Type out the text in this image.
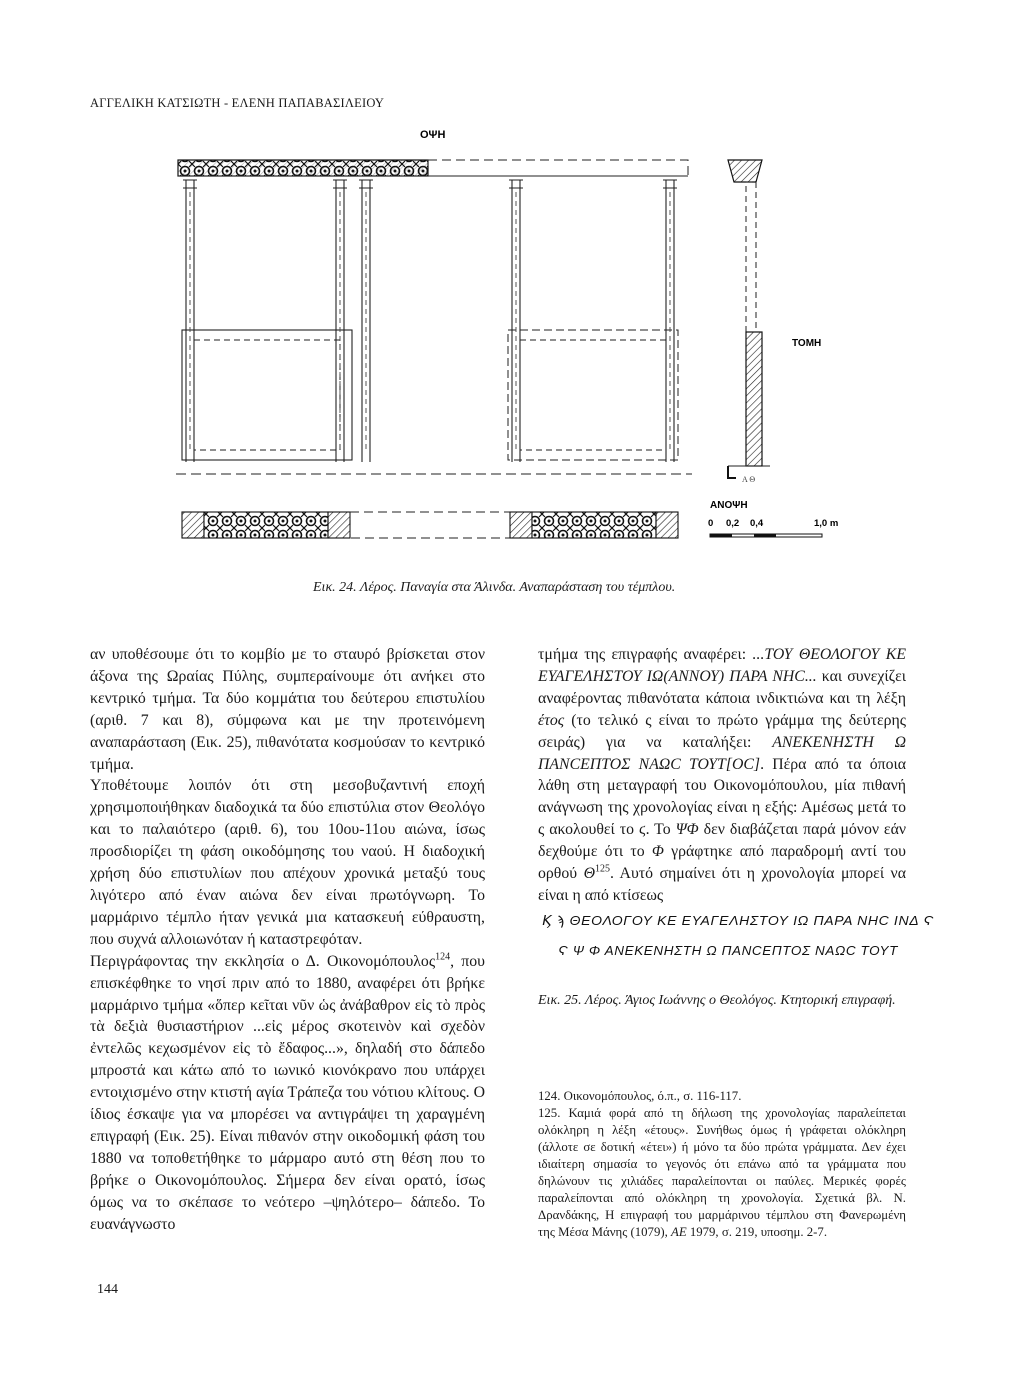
ΑΓΓΕΛΙΚΗ ΚΑΤΣΙΩΤΗ - ΕΛΕΝΗ ΠΑΠΑΒΑΣΙΛΕΙΟΥ
ΟΨΗ
Α Θ
ΤΟΜΗ
ΑΝΟΨΗ
0 0,2 0,4	1,0 m
Εικ. 24. Λέρος. Παναγία στα Άλινδα. Αναπαράσταση του τέμπλου.

αν υποθέσουμε ότι το κομβίο με το σταυρό βρίσκεται στον άξονα της Ωραίας Πύλης, συμπεραίνουμε ότι ανήκει στο κεντρικό τμήμα. Τα δύο κομμάτια του δεύτερου επιστυλίου (αριθ. 7 και 8), σύμφωνα και με την προτεινόμενη αναπαράσταση (Εικ. 25), πιθανότατα κοσμούσαν το κεντρικό τμήμα.

Υποθέτουμε λοιπόν ότι στη μεσοβυζαντινή εποχή χρησιμοποιήθηκαν διαδοχικά τα δύο επιστύλια στον Θεολόγο και το παλαιότερο (αριθ. 6), του 10ου-11ου αιώνα, ίσως προσδιορίζει τη φάση οικοδόμησης του ναού. Η διαδοχική χρήση δύο επιστυλίων που απέχουν χρονικά μεταξύ τους λιγότερο από έναν αιώνα δεν είναι πρωτόγνωρη. Το μαρμάρινο τέμπλο ήταν γενικά μια κατασκευή εύθραυστη, που συχνά αλλοιωνόταν ή καταστρεφόταν.

Περιγράφοντας την εκκλησία ο Δ. Οικονομόπουλος$^{124}$, που επισκέφθηκε το νησί πριν από το 1880, αναφέρει ότι βρήκε μαρμάρινο τμήμα «ὅπερ κεῖται νῦν ὡς ἀνάβαθρον εἰς τὸ πρὸς τὰ δεξιὰ θυσιαστήριον ...εἰς μέρος σκοτεινὸν καὶ σχεδὸν ἐντελῶς κεχωσμένον εἰς τὸ ἔδαφος...», δηλαδή στο δάπεδο μπροστά και κάτω από το ιωνικό κιονόκρανο που υπάρχει εντοιχισμένο στην κτιστή αγία Τράπεζα του νότιου κλίτους. Ο ίδιος έσκαψε για να μπορέσει να αντιγράψει τη χαραγμένη επιγραφή (Εικ. 25). Είναι πιθανόν στην οικοδομική φάση του 1880 να τοποθετήθηκε το μάρμαρο αυτό στη θέση που το βρήκε ο Οικονομόπουλος. Σήμερα δεν είναι ορατό, ίσως όμως να το σκέπασε το νεότερο –ψηλότερο– δάπεδο. Το ευανάγνωστο

τμήμα της επιγραφής αναφέρει: ...ΤΟΥ ΘΕΟΛΟΓΟΥ ΚΕ ΕΥΑΓΕΛΗΣΤΟΥ ΙΩ(ΑΝΝΟΥ) ΠΑΡΑ ΝΗC... και συνεχίζει αναφέροντας πιθανότατα κάποια ινδικτιώνα και τη λέξη έτος (το τελικό ς είναι το πρώτο γράμμα της δεύτερης σειράς) για να καταλήξει: ΑΝΕΚΕΝΗΣΤΗ Ω ΠΑΝCΕΠΤΟΣ ΝΑΩC ΤΟΥΤ[ΟC]. Πέρα από τα όποια λάθη στη μεταγραφή του Οικονομόπουλου, μία πιθανή ανάγνωση της χρονολογίας είναι η εξής: Αμέσως μετά το ς ακολουθεί το ϛ. Το ΨΦ δεν διαβάζεται παρά μόνον εάν δεχθούμε ότι το Φ γράφτηκε από παραδρομή αντί του ορθού $\Theta^{125}$. Αυτό σημαίνει ότι η χρονολογία μπορεί να είναι η από κτίσεως

Ϗ ϡ ΘΕΟΛΟΓΟΥ ΚΕ ΕΥΑΓΕΛΗΣΤΟΥ ΙΩ ΠΑΡΑ ΝΗC ΙΝΔ Ϛ
Ϛ Ψ Φ ΑΝΕΚΕΝΗΣΤΗ Ω ΠΑΝCΕΠΤΟΣ ΝΑΩC ΤΟΥΤ
Εικ. 25. Λέρος. Άγιος Ιωάννης ο Θεολόγος. Κτητορική επιγραφή.

124. Οικονομόπουλος, ό.π., σ. 116-117.

125. Καμιά φορά από τη δήλωση της χρονολογίας παραλείπεται ολόκληρη η λέξη «έτους». Συνήθως όμως ή γράφεται ολόκληρη (άλλοτε σε δοτική «έτει») ή μόνο τα δύο πρώτα γράμματα. Δεν έχει ιδιαίτερη σημασία το γεγονός ότι επάνω από τα γράμματα που δηλώνουν τις χιλιάδες παραλείπονται οι παύλες. Μερικές φορές παραλείπονται από ολόκληρη τη χρονολογία. Σχετικά βλ. Ν. Δρανδάκης, Η επιγραφή του μαρμάρινου τέμπλου στη Φανερωμένη της Μέσα Μάνης (1079), ΑΕ 1979, σ. 219, υποσημ. 2-7.

144
